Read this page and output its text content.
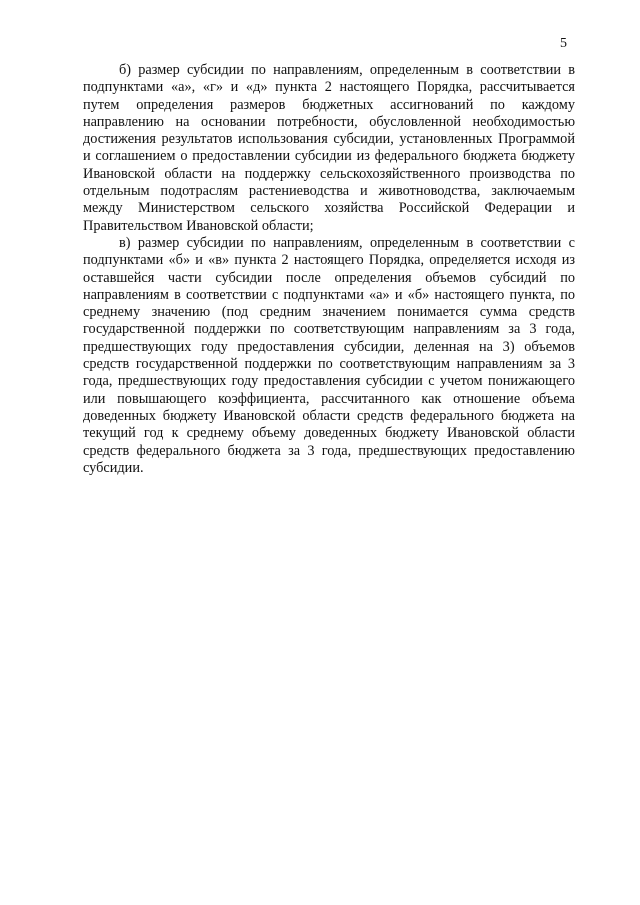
5

б) размер субсидии по направлениям, определенным в соответствии в подпунктами «а», «г» и «д» пункта 2 настоящего Порядка, рассчитывается путем определения размеров бюджетных ассигнований по каждому направлению на основании потребности, обусловленной необходимостью достижения результатов использования субсидии, установленных Программой и соглашением о предоставлении субсидии из федерального бюджета бюджету Ивановской области на поддержку сельскохозяйственного производства по отдельным подотраслям растениеводства и животноводства, заключаемым между Министерством сельского хозяйства Российской Федерации и Правительством Ивановской области;

в) размер субсидии по направлениям, определенным в соответствии с подпунктами «б» и «в» пункта 2 настоящего Порядка, определяется исходя из оставшейся части субсидии после определения объемов субсидий по направлениям в соответствии с подпунктами «а» и «б» настоящего пункта, по среднему значению (под средним значением понимается сумма средств государственной поддержки по соответствующим направлениям за 3 года, предшествующих году предоставления субсидии, деленная на 3) объемов средств государственной поддержки по соответствующим направлениям за 3 года, предшествующих году предоставления субсидии с учетом понижающего или повышающего коэффициента, рассчитанного как отношение объема доведенных бюджету Ивановской области средств федерального бюджета на текущий год к среднему объему доведенных бюджету Ивановской области средств федерального бюджета за 3 года, предшествующих предоставлению субсидии.
